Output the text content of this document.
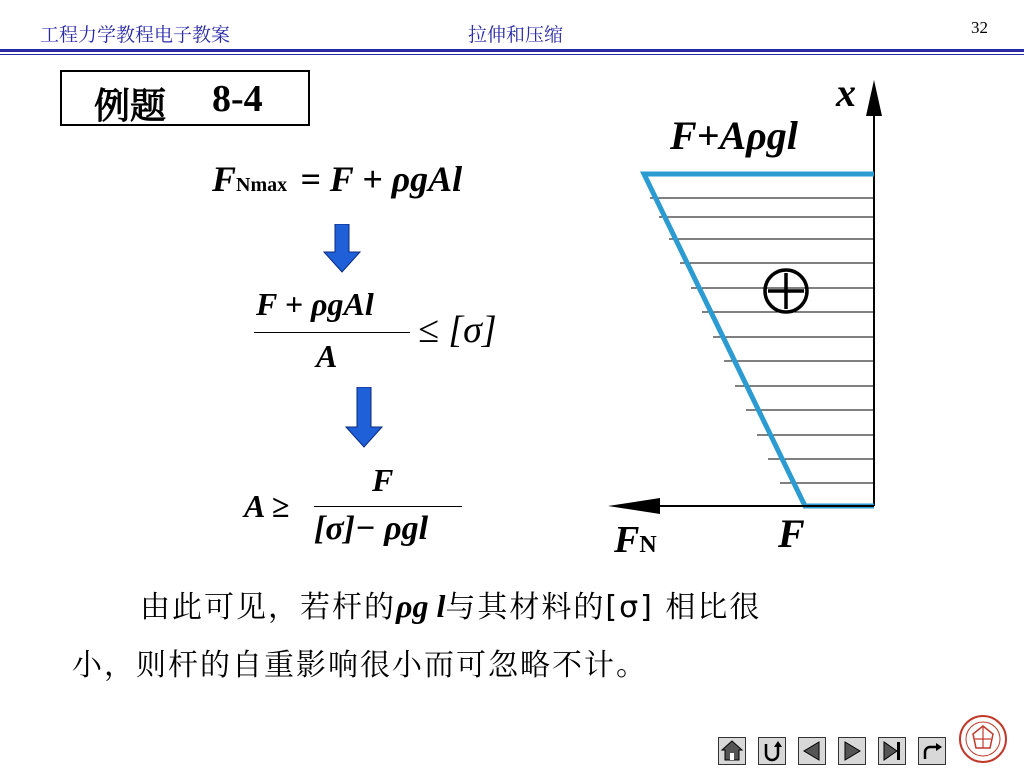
工程力学教程电子教案	拉伸和压缩	32
例题 8-4
FNmax = F + ρgAl
F + ρgAl
A
≤ [σ]
A ≥
F
[σ]− ρgl
x
F+Aρgl
F
FN
由此可见，若杆的ρg l与其材料的[σ] 相比很
小，则杆的自重影响很小而可忽略不计。
